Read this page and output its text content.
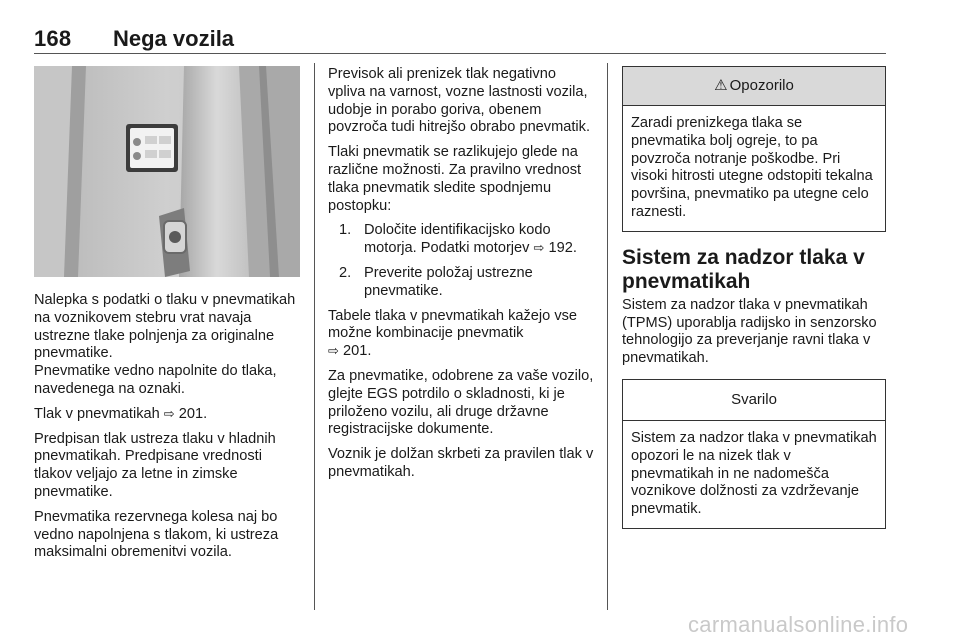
168 Nega vozila

Nalepka s podatki o tlaku v pnevmatikah na voznikovem stebru vrat navaja ustrezne tlake polnjenja za originalne pnevmatike.
Pnevmatike vedno napolnite do tlaka, navedenega na oznaki.

Tlak v pnevmatikah ⇨ 201.

Predpisan tlak ustreza tlaku v hladnih pnevmatikah. Predpisane vrednosti tlakov veljajo za letne in zimske pnevmatike.

Pnevmatika rezervnega kolesa naj bo vedno napolnjena s tlakom, ki ustreza maksimalni obremenitvi vozila.

Previsok ali prenizek tlak negativno vpliva na varnost, vozne lastnosti vozila, udobje in porabo goriva, obenem povzroča tudi hitrejšo obrabo pnevmatik.

Tlaki pnevmatik se razlikujejo glede na različne možnosti. Za pravilno vrednost tlaka pnevmatik sledite spodnjemu postopku:

1. Določite identifikacijsko kodo motorja. Podatki motorjev ⇨ 192.
2. Preverite položaj ustrezne pnevmatike.

Tabele tlaka v pnevmatikah kažejo vse možne kombinacije pnevmatik
⇨ 201.

Za pnevmatike, odobrene za vaše vozilo, glejte EGS potrdilo o skladnosti, ki je priloženo vozilu, ali druge državne registracijske dokumente.

Voznik je dolžan skrbeti za pravilen tlak v pnevmatikah.

⚠ Opozorilo
Zaradi prenizkega tlaka se pnevmatika bolj ogreje, to pa povzroča notranje poškodbe. Pri visoki hitrosti utegne odstopiti tekalna površina, pnevmatiko pa utegne celo raznesti.
Sistem za nadzor tlaka v pnevmatikah

Sistem za nadzor tlaka v pnevmatikah (TPMS) uporablja radijsko in senzorsko tehnologijo za preverjanje ravni tlaka v pnevmatikah.

Svarilo
Sistem za nadzor tlaka v pnevmatikah opozori le na nizek tlak v pnevmatikah in ne nadomešča voznikove dolžnosti za vzdrževanje pnevmatik.
carmanualsonline.info
